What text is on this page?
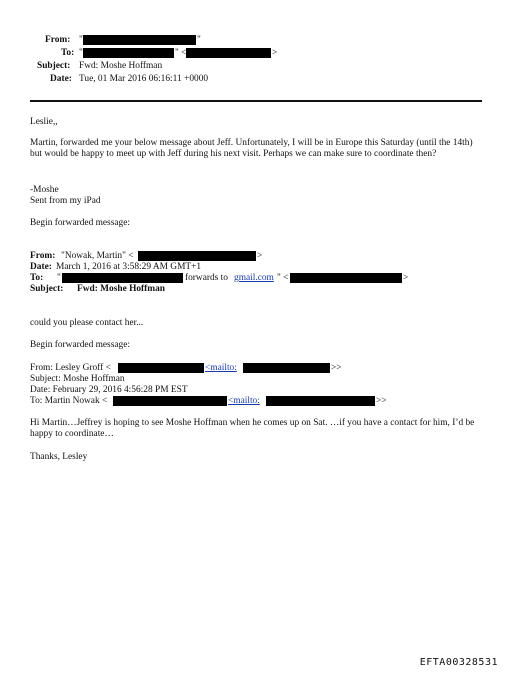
From: "	"
To: "	" <	>
Subject: Fwd: Moshe Hoffman
Date: Tue, 01 Mar 2016 06:16:11 +0000
Leslie,,
Martin, forwarded me your below message about Jeff. Unfortunately, I will be in Europe this Saturday (until the 14th) but would be happy to meet up with Jeff during his next visit. Perhaps we can make sure to coordinate then?
-Moshe
Sent from my iPad
Begin forwarded message:
From: "Nowak, Martin" <	>
Date: March 1, 2016 at 3:58:29 AM GMT+1
To: "	forwards to gmail.com " <	>
Subject: Fwd: Moshe Hoffman
could you please contact her...
Begin forwarded message:
From: Lesley Groff <	<mailto:	>>
Subject: Moshe Hoffman
Date: February 29, 2016 4:56:28 PM EST
To: Martin Nowak <	<mailto:	>>
Hi Martin…Jeffrey is hoping to see Moshe Hoffman when he comes up on Sat. …if you have a contact for him, I’d be happy to coordinate…
Thanks, Lesley
EFTA00328531
